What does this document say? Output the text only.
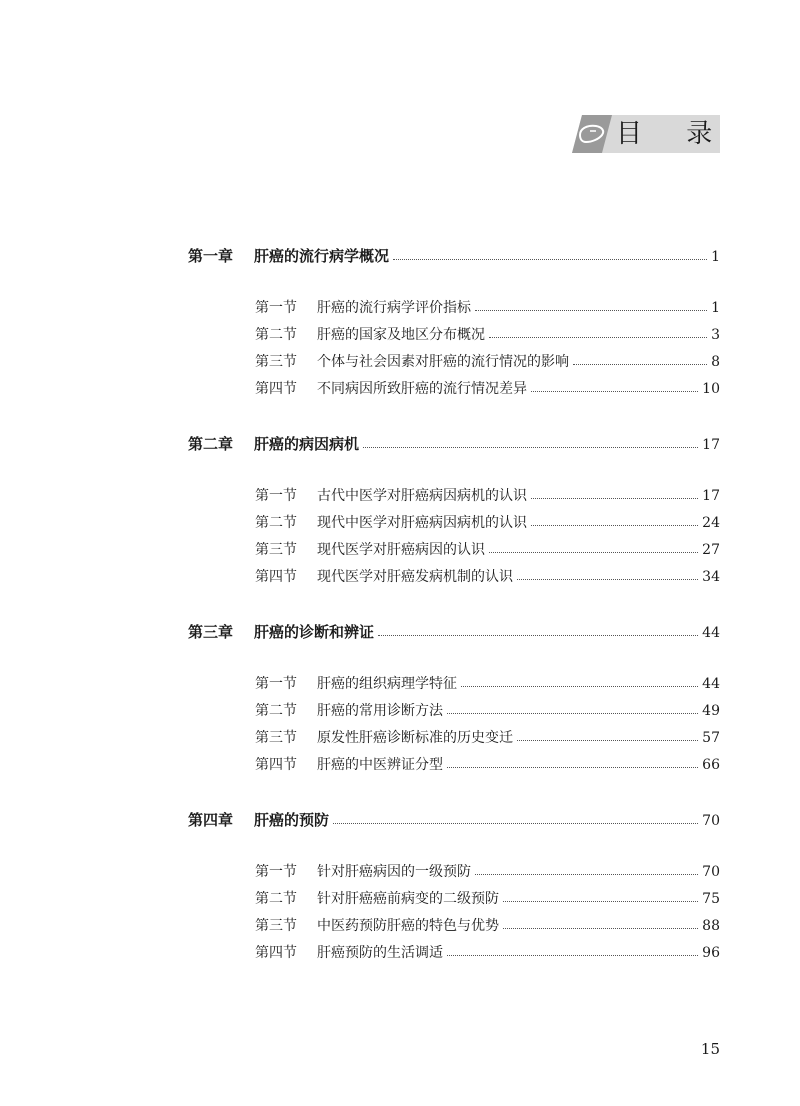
目 录
第一章	肝癌的流行病学概况	1
第一节	肝癌的流行病学评价指标	1
第二节	肝癌的国家及地区分布概况	3
第三节	个体与社会因素对肝癌的流行情况的影响	8
第四节	不同病因所致肝癌的流行情况差异	10
第二章	肝癌的病因病机	17
第一节	古代中医学对肝癌病因病机的认识	17
第二节	现代中医学对肝癌病因病机的认识	24
第三节	现代医学对肝癌病因的认识	27
第四节	现代医学对肝癌发病机制的认识	34
第三章	肝癌的诊断和辨证	44
第一节	肝癌的组织病理学特征	44
第二节	肝癌的常用诊断方法	49
第三节	原发性肝癌诊断标准的历史变迁	57
第四节	肝癌的中医辨证分型	66
第四章	肝癌的预防	70
第一节	针对肝癌病因的一级预防	70
第二节	针对肝癌癌前病变的二级预防	75
第三节	中医药预防肝癌的特色与优势	88
第四节	肝癌预防的生活调适	96
15
